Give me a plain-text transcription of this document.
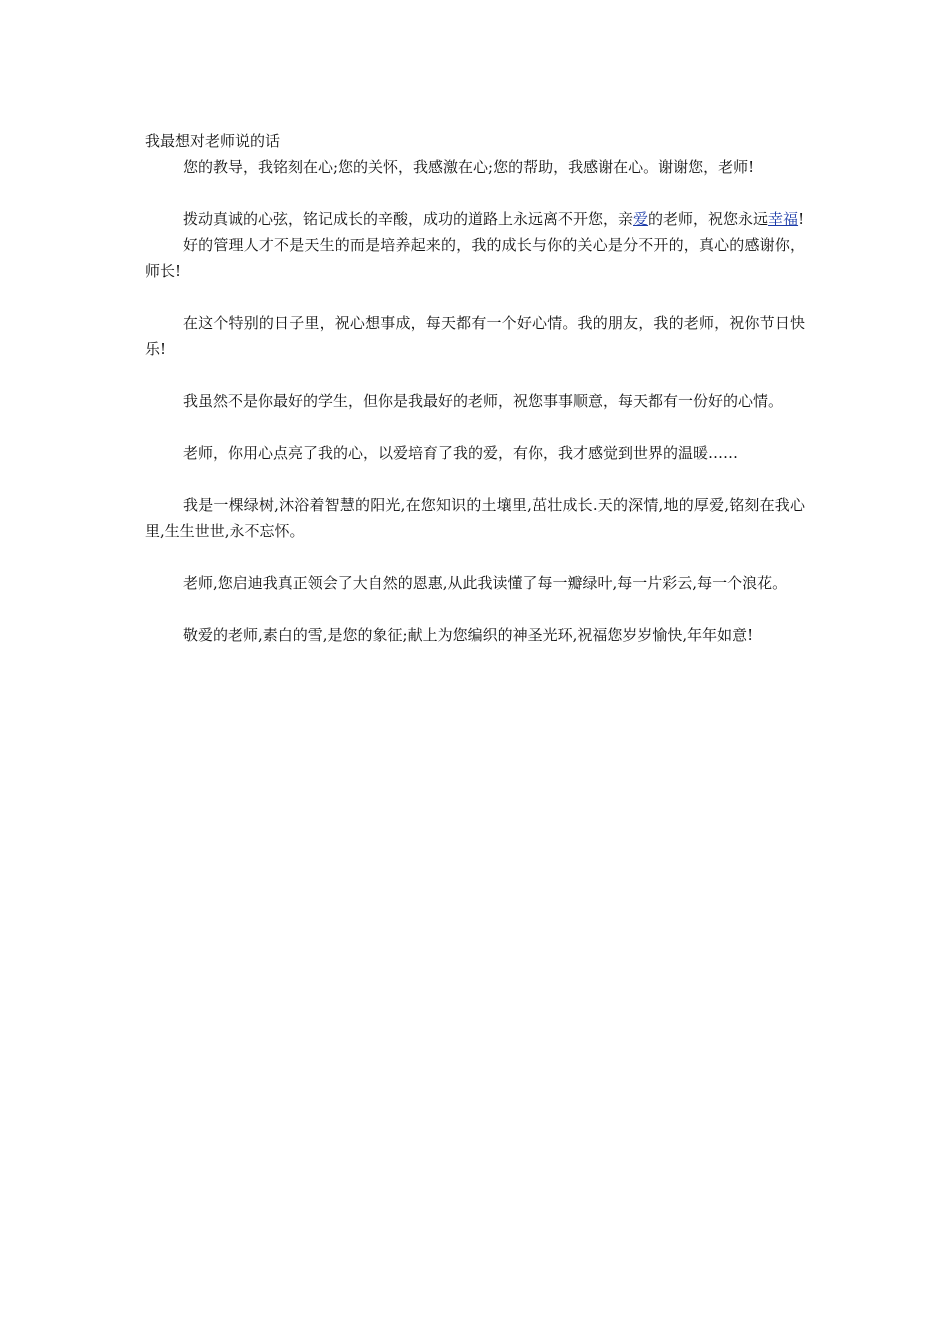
我最想对老师说的话

您的教导，我铭刻在心;您的关怀，我感激在心;您的帮助，我感谢在心。谢谢您，老师!

拨动真诚的心弦，铭记成长的辛酸，成功的道路上永远离不开您，亲爱的老师，祝您永远幸福!

好的管理人才不是天生的而是培养起来的，我的成长与你的关心是分不开的，真心的感谢你，师长!

在这个特别的日子里，祝心想事成，每天都有一个好心情。我的朋友，我的老师，祝你节日快乐!

我虽然不是你最好的学生，但你是我最好的老师，祝您事事顺意，每天都有一份好的心情。

老师，你用心点亮了我的心，以爱培育了我的爱，有你，我才感觉到世界的温暖……

我是一棵绿树,沐浴着智慧的阳光,在您知识的土壤里,茁壮成长.天的深情,地的厚爱,铭刻在我心里,生生世世,永不忘怀。

老师,您启迪我真正领会了大自然的恩惠,从此我读懂了每一瓣绿叶,每一片彩云,每一个浪花。

敬爱的老师,素白的雪,是您的象征;献上为您编织的神圣光环,祝福您岁岁愉快,年年如意!
